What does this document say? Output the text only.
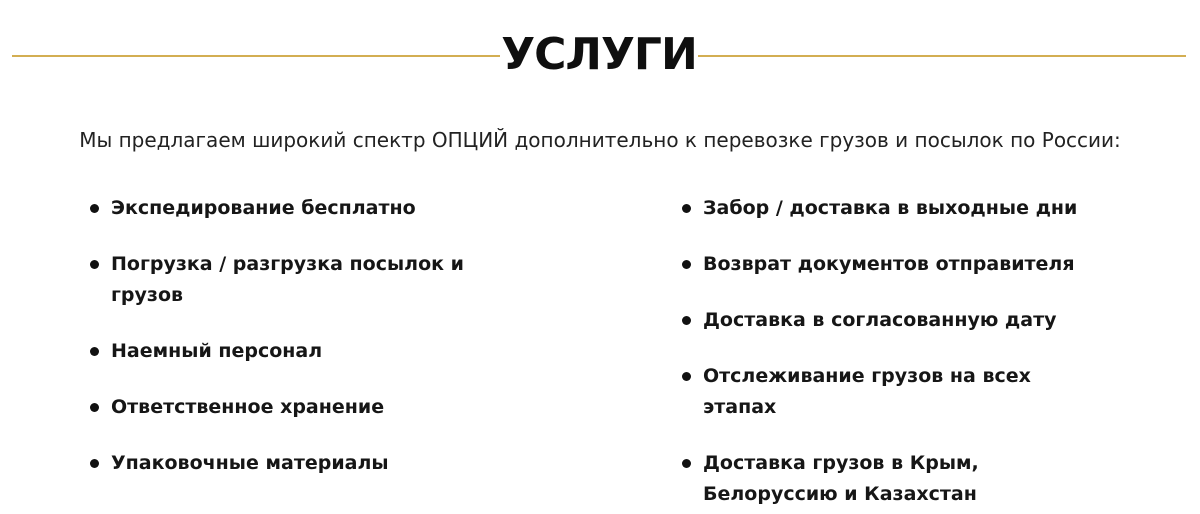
УСЛУГИ
Мы предлагаем широкий спектр ОПЦИЙ дополнительно к перевозке грузов и посылок по России:
Экспедирование бесплатно
Погрузка / разгрузка посылок и грузов
Наемный персонал
Ответственное хранение
Упаковочные материалы
Забор / доставка в выходные дни
Возврат документов отправителя
Доставка в согласованную дату
Отслеживание грузов на всех этапах
Доставка грузов в Крым, Белоруссию и Казахстан
